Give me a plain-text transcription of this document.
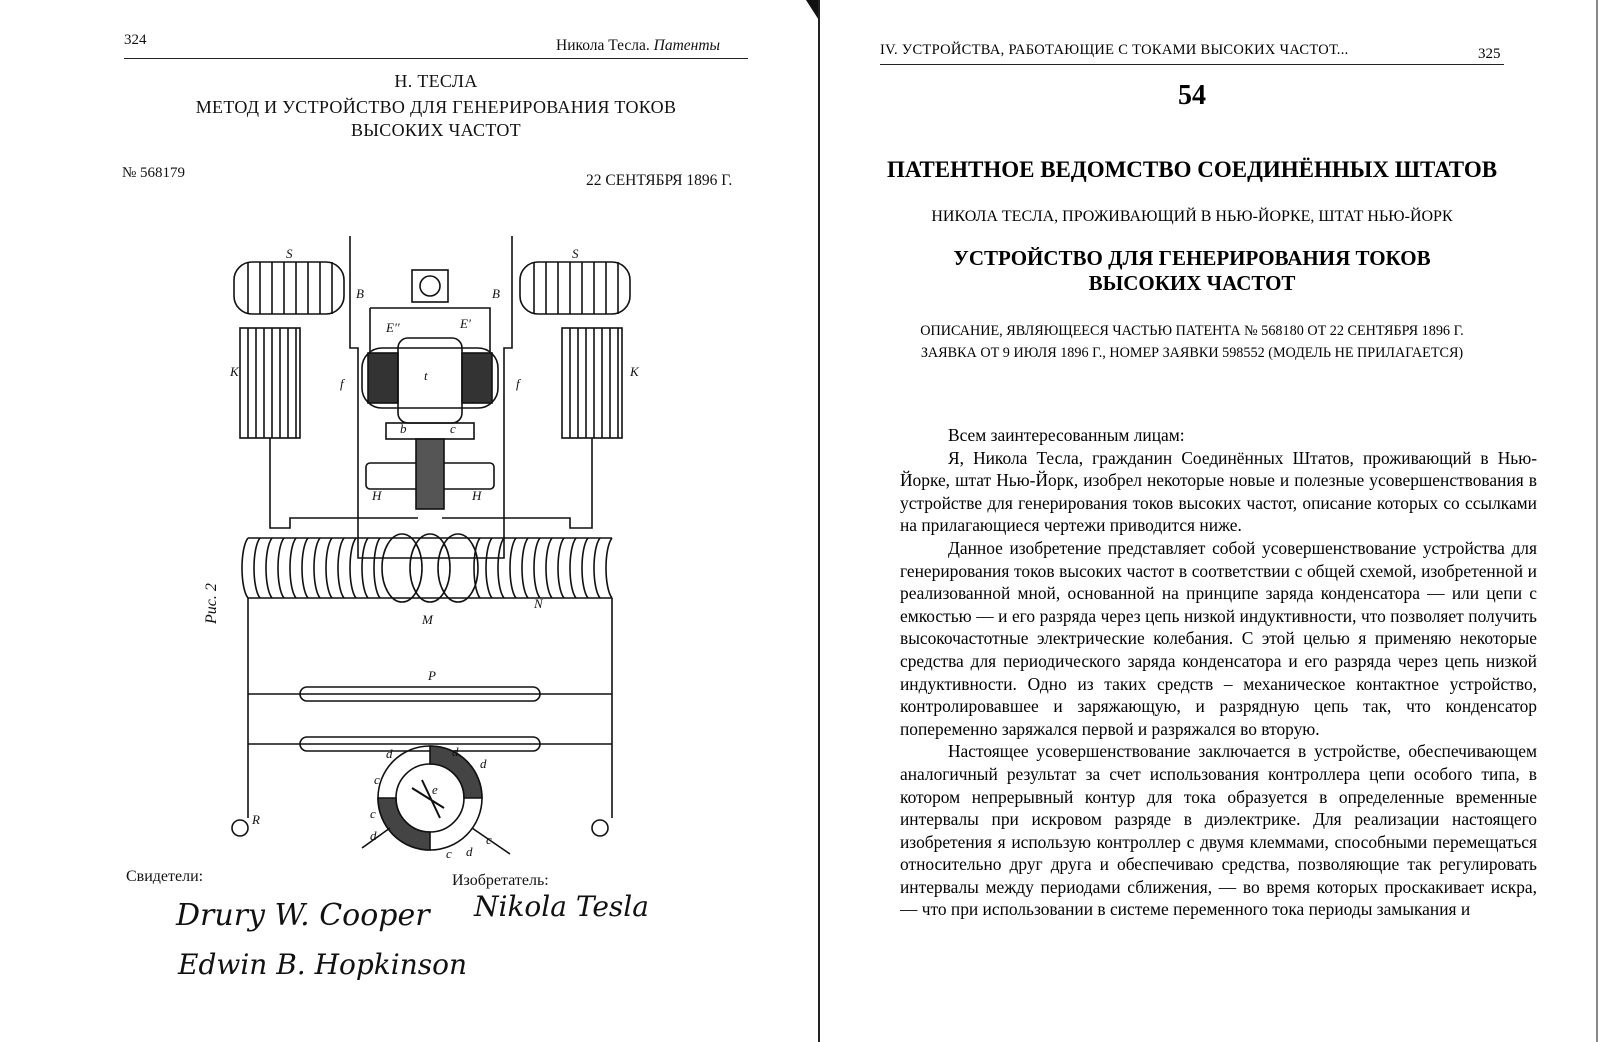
324	Никола Тесла. Патенты
Н. ТЕСЛА
МЕТОД И УСТРОЙСТВО ДЛЯ ГЕНЕРИРОВАНИЯ ТОКОВ
ВЫСОКИХ ЧАСТОТ
№ 568179	22 СЕНТЯБРЯ 1896 Г.
S	S
B	B
K	K
f	f
E''	E'
t
b	c
H	H
M
N
P
R
d	d
d
c
c
c
c
d
d
e
Рис. 2
Свидетели:	Изобретатель:
Drury W. Cooper
Edwin B. Hopkinson
Nikola Tesla
IV. УСТРОЙСТВА, РАБОТАЮЩИЕ С ТОКАМИ ВЫСОКИХ ЧАСТОТ...	325
54
ПАТЕНТНОЕ ВЕДОМСТВО СОЕДИНЁННЫХ ШТАТОВ
НИКОЛА ТЕСЛА, ПРОЖИВАЮЩИЙ В НЬЮ-ЙОРКЕ, ШТАТ НЬЮ-ЙОРК
УСТРОЙСТВО ДЛЯ ГЕНЕРИРОВАНИЯ ТОКОВ
ВЫСОКИХ ЧАСТОТ
ОПИСАНИЕ, ЯВЛЯЮЩЕЕСЯ ЧАСТЬЮ ПАТЕНТА № 568180 ОТ 22 СЕНТЯБРЯ 1896 Г.
ЗАЯВКА ОТ 9 ИЮЛЯ 1896 Г., НОМЕР ЗАЯВКИ 598552 (МОДЕЛЬ НЕ ПРИЛАГАЕТСЯ)

Всем заинтересованным лицам:

Я, Никола Тесла, гражданин Соединённых Штатов, проживающий в Нью-Йорке, штат Нью-Йорк, изобрел некоторые новые и полезные усовершенствования в устройстве для генерирования токов высоких частот, описание которых со ссылками на прилагающиеся чертежи приводится ниже.

Данное изобретение представляет собой усовершенствование устройства для генерирования токов высоких частот в соответствии с общей схемой, изобретенной и реализованной мной, основанной на принципе заряда конденсатора — или цепи с емкостью — и его разряда через цепь низкой индуктивности, что позволяет получить высокочастотные электрические колебания. С этой целью я применяю некоторые средства для периодического заряда конденсатора и его разряда через цепь низкой индуктивности. Одно из таких средств – механическое контактное устройство, контролировавшее и заряжающую, и разрядную цепь так, что конденсатор попеременно заряжался первой и разряжался во вторую.

Настоящее усовершенствование заключается в устройстве, обеспечивающем аналогичный результат за счет использования контроллера цепи особого типа, в котором непрерывный контур для тока образуется в определенные временные интервалы при искровом разряде в диэлектрике. Для реализации настоящего изобретения я использую контроллер с двумя клеммами, способными перемещаться относительно друг друга и обеспечиваю средства, позволяющие так регулировать интервалы между периодами сближения, — во время которых проскакивает искра, — что при использовании в системе переменного тока периоды замыкания и
